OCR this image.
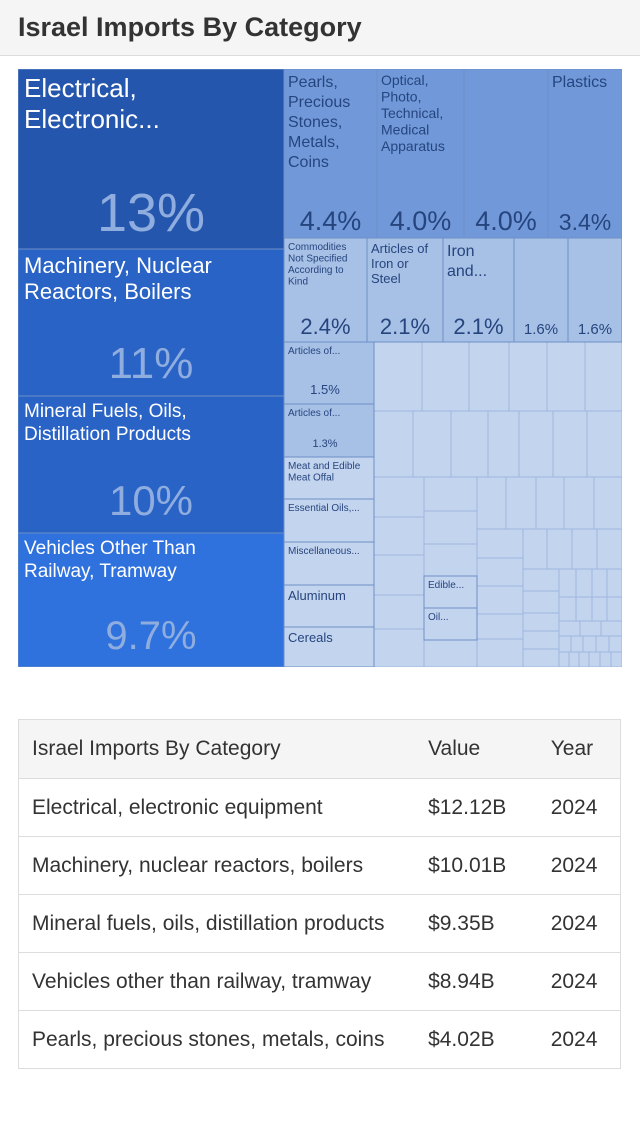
Israel Imports By Category
Electrical,
Electronic...
13%
Machinery, Nuclear
Reactors, Boilers
11%
Mineral Fuels, Oils,
Distillation Products
10%
Vehicles Other Than
Railway, Tramway
9.7%
Pearls,
Precious
Stones,
Metals,
Coins
4.4%
Optical,
Photo,
Technical,
Medical
Apparatus
4.0% 4.0%
Plastics
3.4%
Commodities
Not Specified
According to
Kind
2.4%
Articles of
Iron or
Steel
2.1%
Iron
and...
2.1% 1.6% 1.6%
Articles of...
1.5%
Articles of...
1.3%
Meat and Edible
Meat Offal
Essential Oils,...
Miscellaneous...
Aluminum
Cereals
Edible...
Oil...
Israel Imports By Category	Value	Year
Electrical, electronic equipment	$12.12B	2024
Machinery, nuclear reactors, boilers	$10.01B	2024
Mineral fuels, oils, distillation products	$9.35B	2024
Vehicles other than railway, tramway	$8.94B	2024
Pearls, precious stones, metals, coins	$4.02B	2024
